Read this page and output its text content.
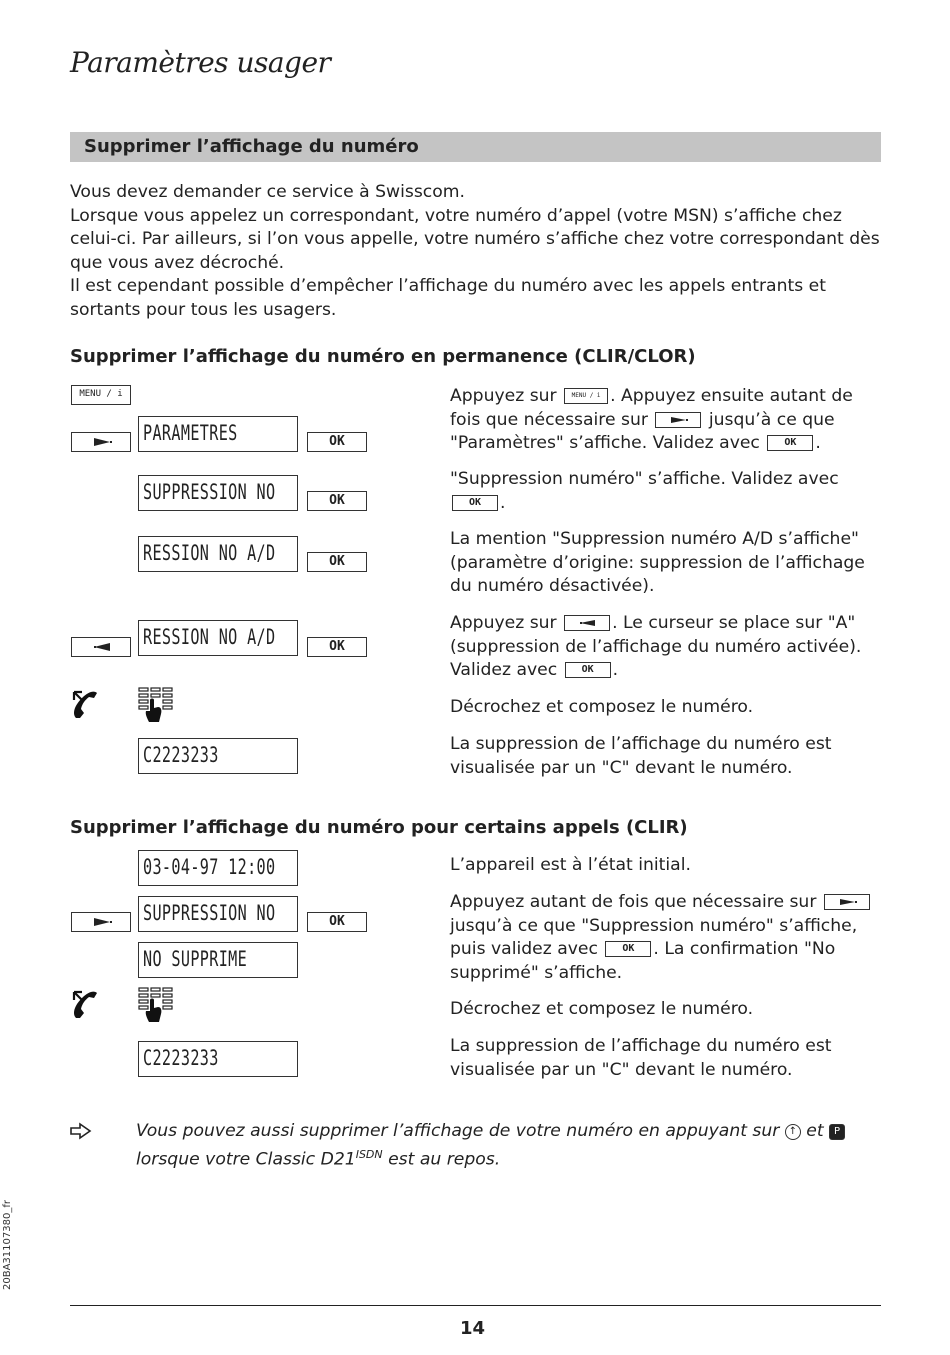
Paramètres usager
Supprimer l’affichage du numéro

Vous devez demander ce service à Swisscom.

Lorsque vous appelez un correspondant, votre numéro d’appel (votre MSN) s’affiche chez celui-ci. Par ailleurs, si l’on vous appelle, votre numéro s’affiche chez votre correspondant dès que vous avez décroché.

Il est cependant possible d’empêcher l’affichage du numéro avec les appels entrants et sortants pour tous les usagers.

Supprimer l’affichage du numéro en permanence (CLIR/CLOR)
MENU / i
PARAMETRES	OK
SUPPRESSION NO	OK
RESSION NO A/D	OK
RESSION NO A/D	OK
C2223233

Appuyez sur MENU / i . Appuyez ensuite autant de fois que nécessaire sur	jusqu’à ce que "Paramètres" s’affiche. Validez avec OK .

"Suppression numéro" s’affiche. Validez avec OK .

La mention "Suppression numéro A/D s’affiche" (paramètre d’origine: suppression de l’affichage du numéro désactivée).

Appuyez sur	. Le curseur se place sur "A" (suppression de l’affichage du numéro activée). Validez avec OK .

Décrochez et composez le numéro.

La suppression de l’affichage du numéro est visualisée par un "C" devant le numéro.

Supprimer l’affichage du numéro pour certains appels (CLIR)
03-04-97 12:00
SUPPRESSION NO	OK
NO SUPPRIME
C2223233

L’appareil est à l’état initial.

Appuyez autant de fois que nécessaire sur
jusqu’à ce que "Suppression numéro" s’affiche, puis validez avec OK . La confirmation "No supprimé" s’affiche.

Décrochez et composez le numéro.

La suppression de l’affichage du numéro est visualisée par un "C" devant le numéro.

Vous pouvez aussi supprimer l’affichage de votre numéro en appuyant sur ↑ et P
lorsque votre Classic $D21^{ISDN}$ est au repos.

20BA31107380_fr
14
